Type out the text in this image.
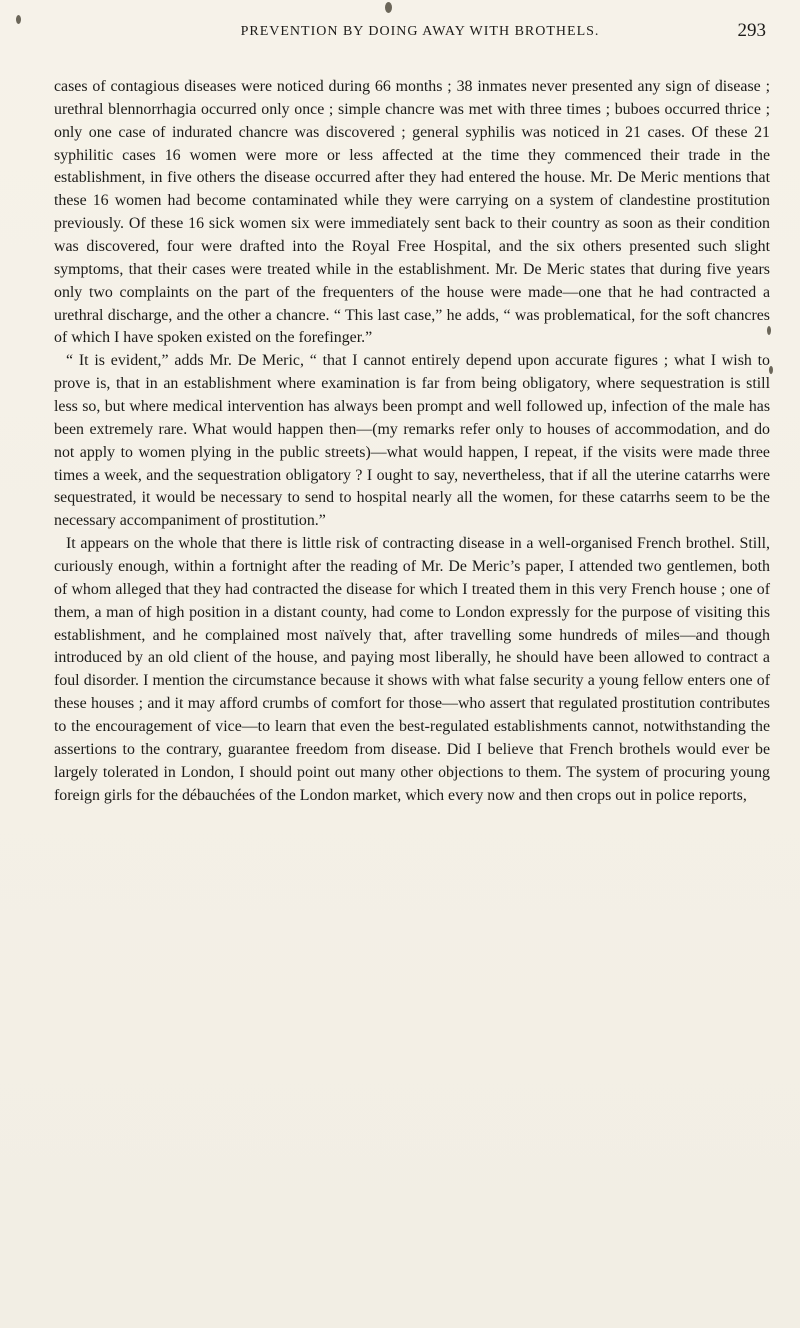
PREVENTION BY DOING AWAY WITH BROTHELS.	293

cases of contagious diseases were noticed during 66 months ; 38 inmates never presented any sign of disease ; urethral blennorrhagia occurred only once ; simple chancre was met with three times ; buboes occurred thrice ; only one case of indurated chancre was discovered ; general syphilis was noticed in 21 cases. Of these 21 syphilitic cases 16 women were more or less affected at the time they commenced their trade in the establishment, in five others the disease occurred after they had entered the house. Mr. De Meric mentions that these 16 women had become contaminated while they were carrying on a system of clandestine prostitution previously. Of these 16 sick women six were immediately sent back to their country as soon as their condition was discovered, four were drafted into the Royal Free Hospital, and the six others presented such slight symptoms, that their cases were treated while in the establishment. Mr. De Meric states that during five years only two complaints on the part of the frequenters of the house were made—one that he had contracted a urethral discharge, and the other a chancre. “ This last case,” he adds, “ was problematical, for the soft chancres of which I have spoken existed on the forefinger.”

“ It is evident,” adds Mr. De Meric, “ that I cannot entirely depend upon accurate figures ; what I wish to prove is, that in an establishment where examination is far from being obligatory, where sequestration is still less so, but where medical intervention has always been prompt and well followed up, infection of the male has been extremely rare. What would happen then—(my remarks refer only to houses of accommodation, and do not apply to women plying in the public streets)—what would happen, I repeat, if the visits were made three times a week, and the sequestration obligatory ? I ought to say, nevertheless, that if all the uterine catarrhs were sequestrated, it would be necessary to send to hospital nearly all the women, for these catarrhs seem to be the necessary accompaniment of prostitution.”

It appears on the whole that there is little risk of contracting disease in a well-organised French brothel. Still, curiously enough, within a fortnight after the reading of Mr. De Meric’s paper, I attended two gentlemen, both of whom alleged that they had contracted the disease for which I treated them in this very French house ; one of them, a man of high position in a distant county, had come to London expressly for the purpose of visiting this establishment, and he complained most naïvely that, after travelling some hundreds of miles—and though introduced by an old client of the house, and paying most liberally, he should have been allowed to contract a foul disorder. I mention the circumstance because it shows with what false security a young fellow enters one of these houses ; and it may afford crumbs of comfort for those—who assert that regulated prostitution contributes to the encouragement of vice—to learn that even the best-regulated establishments cannot, notwithstanding the assertions to the contrary, guarantee freedom from disease. Did I believe that French brothels would ever be largely tolerated in London, I should point out many other objections to them. The system of procuring young foreign girls for the débauchées of the London market, which every now and then crops out in police reports,
